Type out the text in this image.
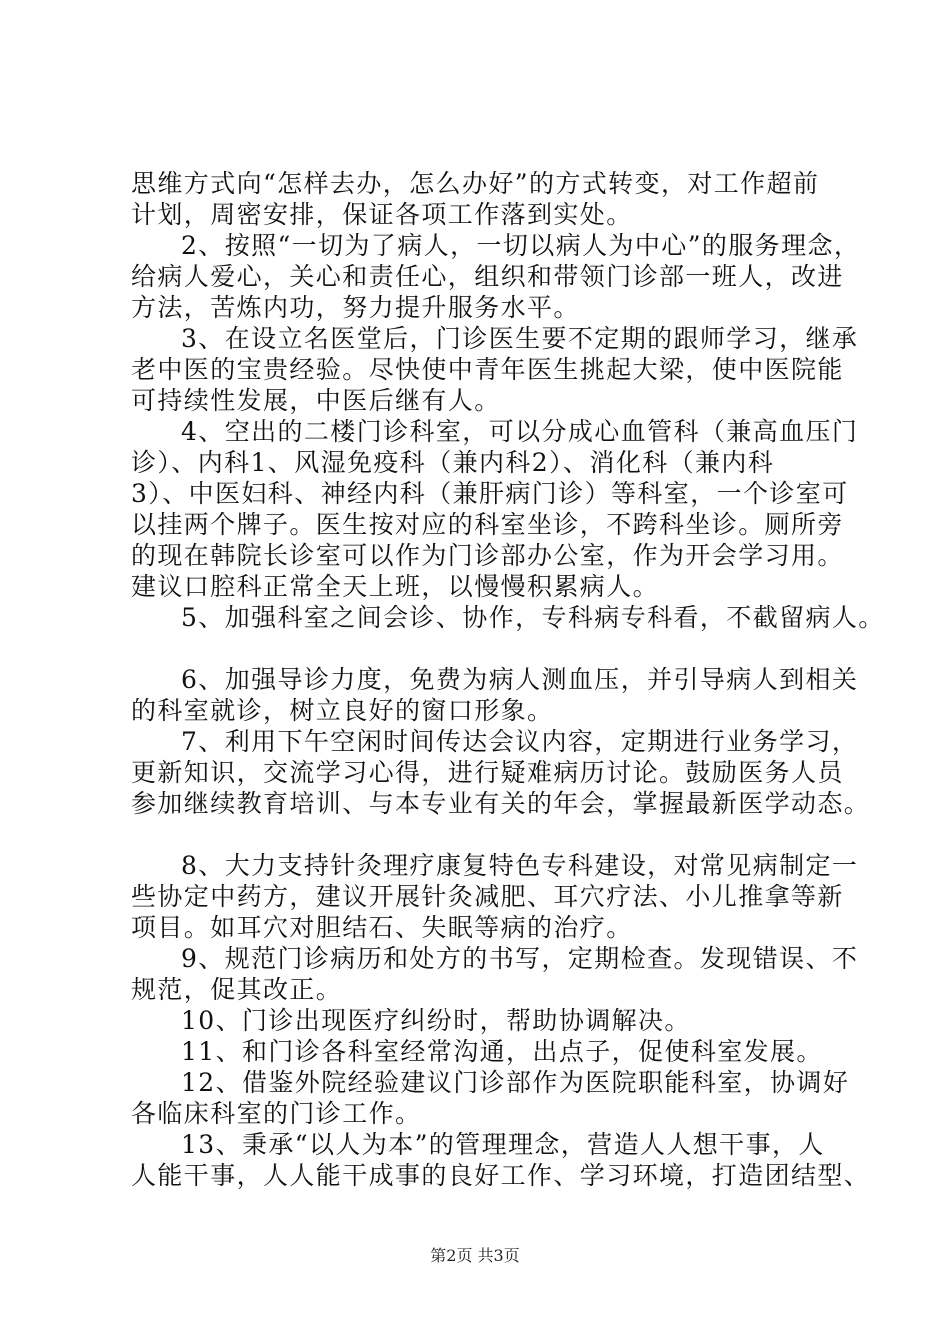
思维方式向“怎样去办，怎么办好”的方式转变，对工作超前
计划，周密安排，保证各项工作落到实处。
2、按照“一切为了病人，一切以病人为中心”的服务理念，
给病人爱心，关心和责任心，组织和带领门诊部一班人，改进
方法，苦炼内功，努力提升服务水平。
3、在设立名医堂后，门诊医生要不定期的跟师学习，继承
老中医的宝贵经验。尽快使中青年医生挑起大梁，使中医院能
可持续性发展，中医后继有人。
4、空出的二楼门诊科室，可以分成心血管科（兼高血压门
诊）、内科1、风湿免疫科（兼内科2）、消化科（兼内科
3）、中医妇科、神经内科（兼肝病门诊）等科室，一个诊室可
以挂两个牌子。医生按对应的科室坐诊，不跨科坐诊。厕所旁
的现在韩院长诊室可以作为门诊部办公室，作为开会学习用。
建议口腔科正常全天上班，以慢慢积累病人。
5、加强科室之间会诊、协作，专科病专科看，不截留病人。
6、加强导诊力度，免费为病人测血压，并引导病人到相关
的科室就诊，树立良好的窗口形象。
7、利用下午空闲时间传达会议内容，定期进行业务学习，
更新知识，交流学习心得，进行疑难病历讨论。鼓励医务人员
参加继续教育培训、与本专业有关的年会，掌握最新医学动态。
8、大力支持针灸理疗康复特色专科建设，对常见病制定一
些协定中药方，建议开展针灸减肥、耳穴疗法、小儿推拿等新
项目。如耳穴对胆结石、失眠等病的治疗。
9、规范门诊病历和处方的书写，定期检查。发现错误、不
规范，促其改正。
10、门诊出现医疗纠纷时，帮助协调解决。
11、和门诊各科室经常沟通，出点子，促使科室发展。
12、借鉴外院经验建议门诊部作为医院职能科室，协调好
各临床科室的门诊工作。
13、秉承“以人为本”的管理理念，营造人人想干事，人
人能干事，人人能干成事的良好工作、学习环境，打造团结型、
第2页 共3页
